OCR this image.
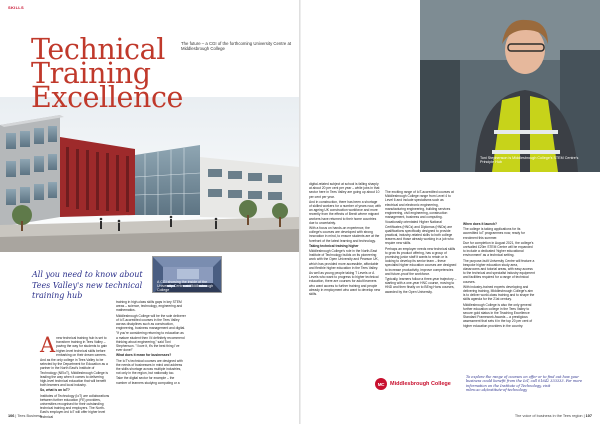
SKILLS
Technical Training Excellence
The future – a CGI of the forthcoming University Centre at Middlesbrough College
All you need to know about Tees Valley's new technical training hub
A CGI showing the inside of the University Centre at Middlesbrough College

A new technical training hub is set to transform training in Tees Valley – paving the way for students to gain higher-level technical skills before embarking on their dream careers.

And as the only college in Tees Valley to be selected by the Department for Education as a partner in the North East's Institute of Technology (NEIoT), Middlesbrough College is leading the way when it comes to delivering high-level technical education that will benefit both learners and local industry.

So, what is an IoT?

Institutes of Technology (IoT) are collaborations between further education (FE) providers, universities recognised for their outstanding technical training and employers. The North-East's employer-led IoT will offer higher level technical

training in high-class skills gaps in key STEM areas – science, technology, engineering and mathematics.

Middlesbrough College will be the sole deliverer of IoT-accredited courses in the Tees Valley across disciplines such as construction, engineering, business management and digital.

"If you're considering returning to education as a mature student then I'd definitely recommend thinking about engineering," said Toni Stephenson. "I love it, it's the best thing I've ever done!"

What does it mean for businesses?

The IoT's technical courses are designed with the needs of businesses in mind and address the skills shortage across multiple industries, not only in the region, but nationally too.

Take the digital sector for example – the number of learners studying computing or a

106 | Tees Business
Toni Stephenson is Middlesbrough College's STEM Centre's Principle Hub

digital-related subject at school is falling sharply at about 20 per cent per year – while jobs in that sector here in Tees Valley are going up about 10 per cent per year.

And in construction, there has been a shortage of skilled workers for a number of years now, with an ageing UK construction workforce and more recently from the effects of Brexit where migrant workers have returned to their home countries due to uncertainty.

With a focus on hands-on experience, the college's courses are developed with strong innovation in mind, to ensure students are at the forefront of the latest learning and technology.

Taking technical training higher

Middlesbrough College's role in the North-East Institute of Technology builds on its pioneering work with the Open University and Pearson UK, which has provided more accessible, affordable and flexible higher education in the Tees Valley.

As well as young people taking T Levels or A Levels who want to progress to higher technical education, there are courses for adult learners who want access to further training and people already in employment who want to develop new skills.

The exciting range of IoT-accredited courses at Middlesbrough College range from Level 4 to Level 6 and include specialisms such as electrical and electronic engineering, manufacturing engineering, building services engineering, civil engineering, construction management, business and computing.

Vocationally orientated Higher National Certificates (HNCs) and Diplomas (HNDs) are qualifications specifically designed to provide practical, industry-related skills to both college leavers and those already working in a job who require new skills.

Perhaps an employer needs new technical skills to grow its product offering, has a group of promising junior staff it wants to retain or is looking to develop its senior team – these specialist higher education courses are designed to increase productivity, improve competencies and future-proof the workforce.

Typically, learners follow a three-year trajectory – starting with a one-year HNC course, moving to HND and then finally on to BEng Hons courses, awarded by the Open University.

When does it launch?

The college is taking applications for its accredited IoT programmes now, ready for enrolment this summer.

Due for completion in August 2021, the college's unrivalled £20m STEM Centre will be expanded to include a dedicated 'higher educational environment' as a technical setting.

The purpose-built University Centre will feature a bespoke higher education study area, classrooms and tutorial areas, with easy access to the technical and specialist industry equipment and facilities required for a range of technical courses.

With industry-trained experts developing and delivering training, Middlesbrough College's aim is to deliver world-class training and to shape the skills agenda for the 21st century.

Middlesbrough College is also the only general further education college in the Tees Valley to secure gold status in the Teaching Excellence Standard Framework Awards – a prestigious assessment that sets it in the top 20 per cent of higher education providers in the country.

MC	Middlesbrough College
To explore the range of courses on offer or to find out how your business could benefit from the IoT, call 01642 333333. For more information on the Institute of Technology, visit mbro.ac.uk/institute-of-technology
The voice of business in the Tees region | 107
